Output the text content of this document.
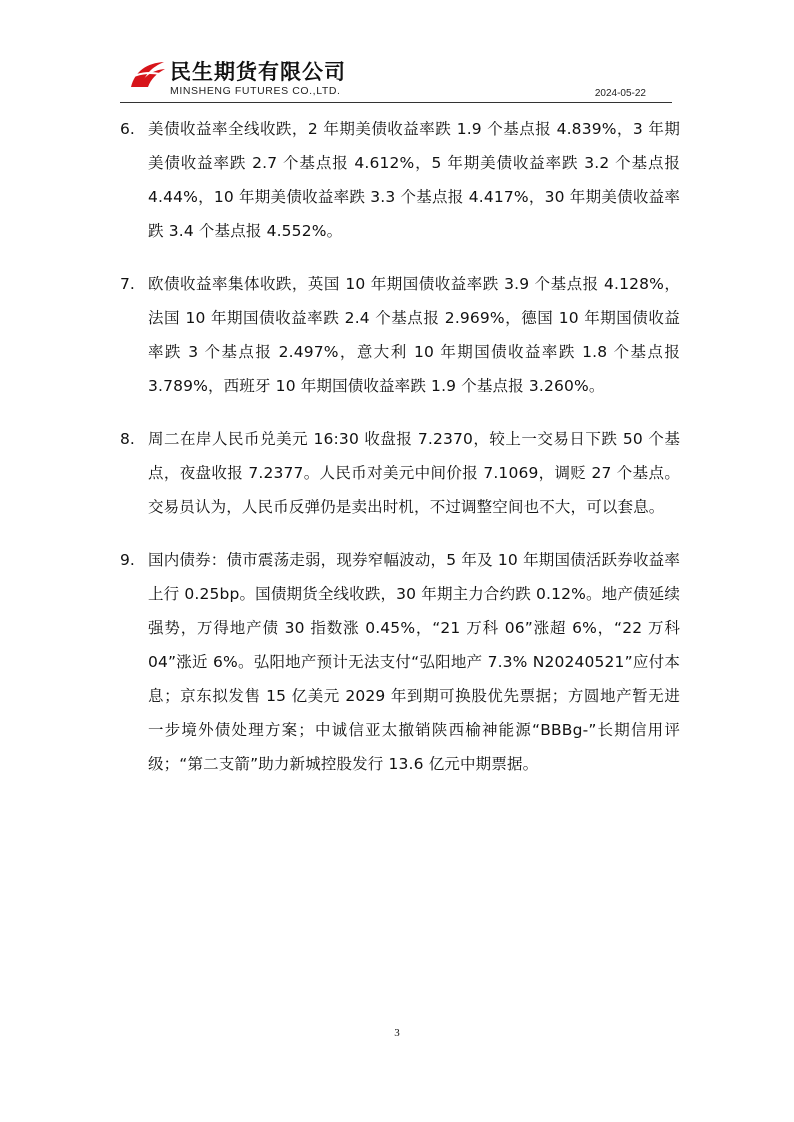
民生期货有限公司
MINSHENG FUTURES CO.,LTD.	2024-05-22
6. 美债收益率全线收跌，2 年期美债收益率跌 1.9 个基点报 4.839%，3 年期美债收益率跌 2.7 个基点报 4.612%，5 年期美债收益率跌 3.2 个基点报 4.44%，10 年期美债收益率跌 3.3 个基点报 4.417%，30 年期美债收益率跌 3.4 个基点报 4.552%。
7. 欧债收益率集体收跌，英国 10 年期国债收益率跌 3.9 个基点报 4.128%，法国 10 年期国债收益率跌 2.4 个基点报 2.969%，德国 10 年期国债收益率跌 3 个基点报 2.497%，意大利 10 年期国债收益率跌 1.8 个基点报 3.789%，西班牙 10 年期国债收益率跌 1.9 个基点报 3.260%。
8. 周二在岸人民币兑美元 16:30 收盘报 7.2370，较上一交易日下跌 50 个基点，夜盘收报 7.2377。人民币对美元中间价报 7.1069，调贬 27 个基点。交易员认为，人民币反弹仍是卖出时机，不过调整空间也不大，可以套息。
9. 国内债券：债市震荡走弱，现券窄幅波动，5 年及 10 年期国债活跃券收益率上行 0.25bp。国债期货全线收跌，30 年期主力合约跌 0.12%。地产债延续强势，万得地产债 30 指数涨 0.45%，“21 万科 06”涨超 6%，“22 万科 04”涨近 6%。弘阳地产预计无法支付“弘阳地产 7.3% N20240521”应付本息；京东拟发售 15 亿美元 2029 年到期可换股优先票据；方圆地产暂无进一步境外债处理方案；中诚信亚太撤销陕西榆神能源“BBBg-”长期信用评级；“第二支箭”助力新城控股发行 13.6 亿元中期票据。
3
